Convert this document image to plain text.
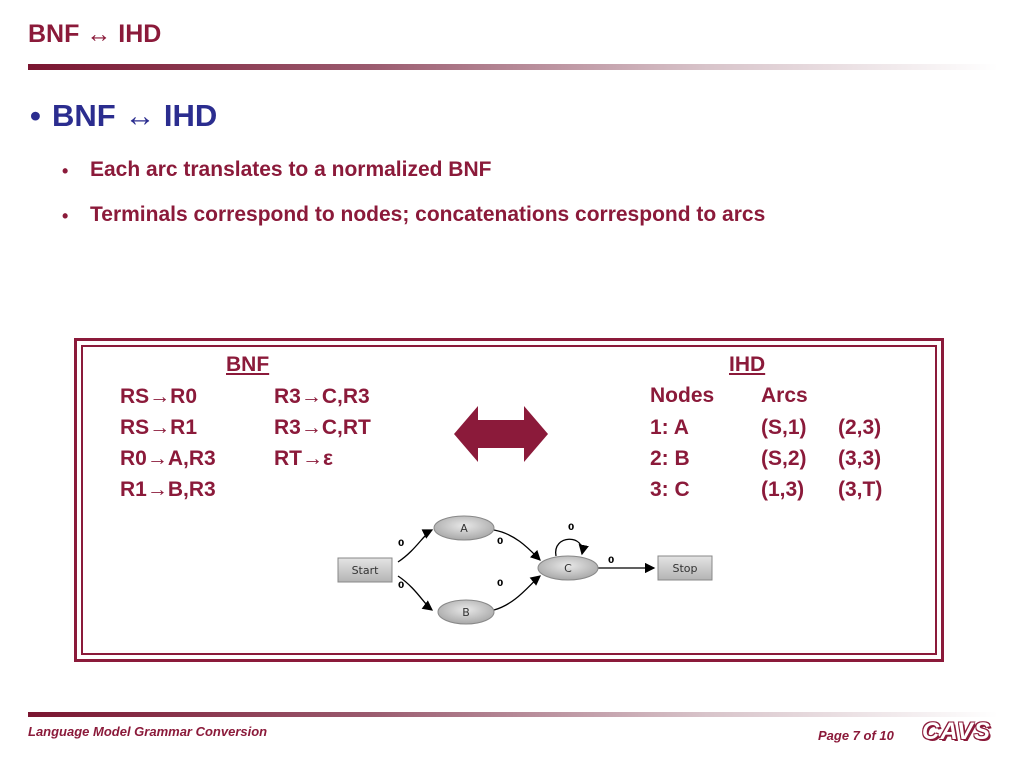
BNF ↔ IHD
• BNF ↔ IHD
•	Each arc translates to a normalized BNF
•	Terminals correspond to nodes; concatenations correspond to arcs
BNF
RS→R0
RS→R1
R0→A,R3
R1→B,R3
R3→C,R3
R3→C,RT
RT→ε
IHD
Nodes Arcs
1: A	(S,1) (2,3)
2: B	(S,2) (3,3)
3: C	(1,3) (3,T)
0
0
0
0
0
0
Start
A
B
C	Stop
Language Model Grammar Conversion	Page 7 of 10 CAVS
